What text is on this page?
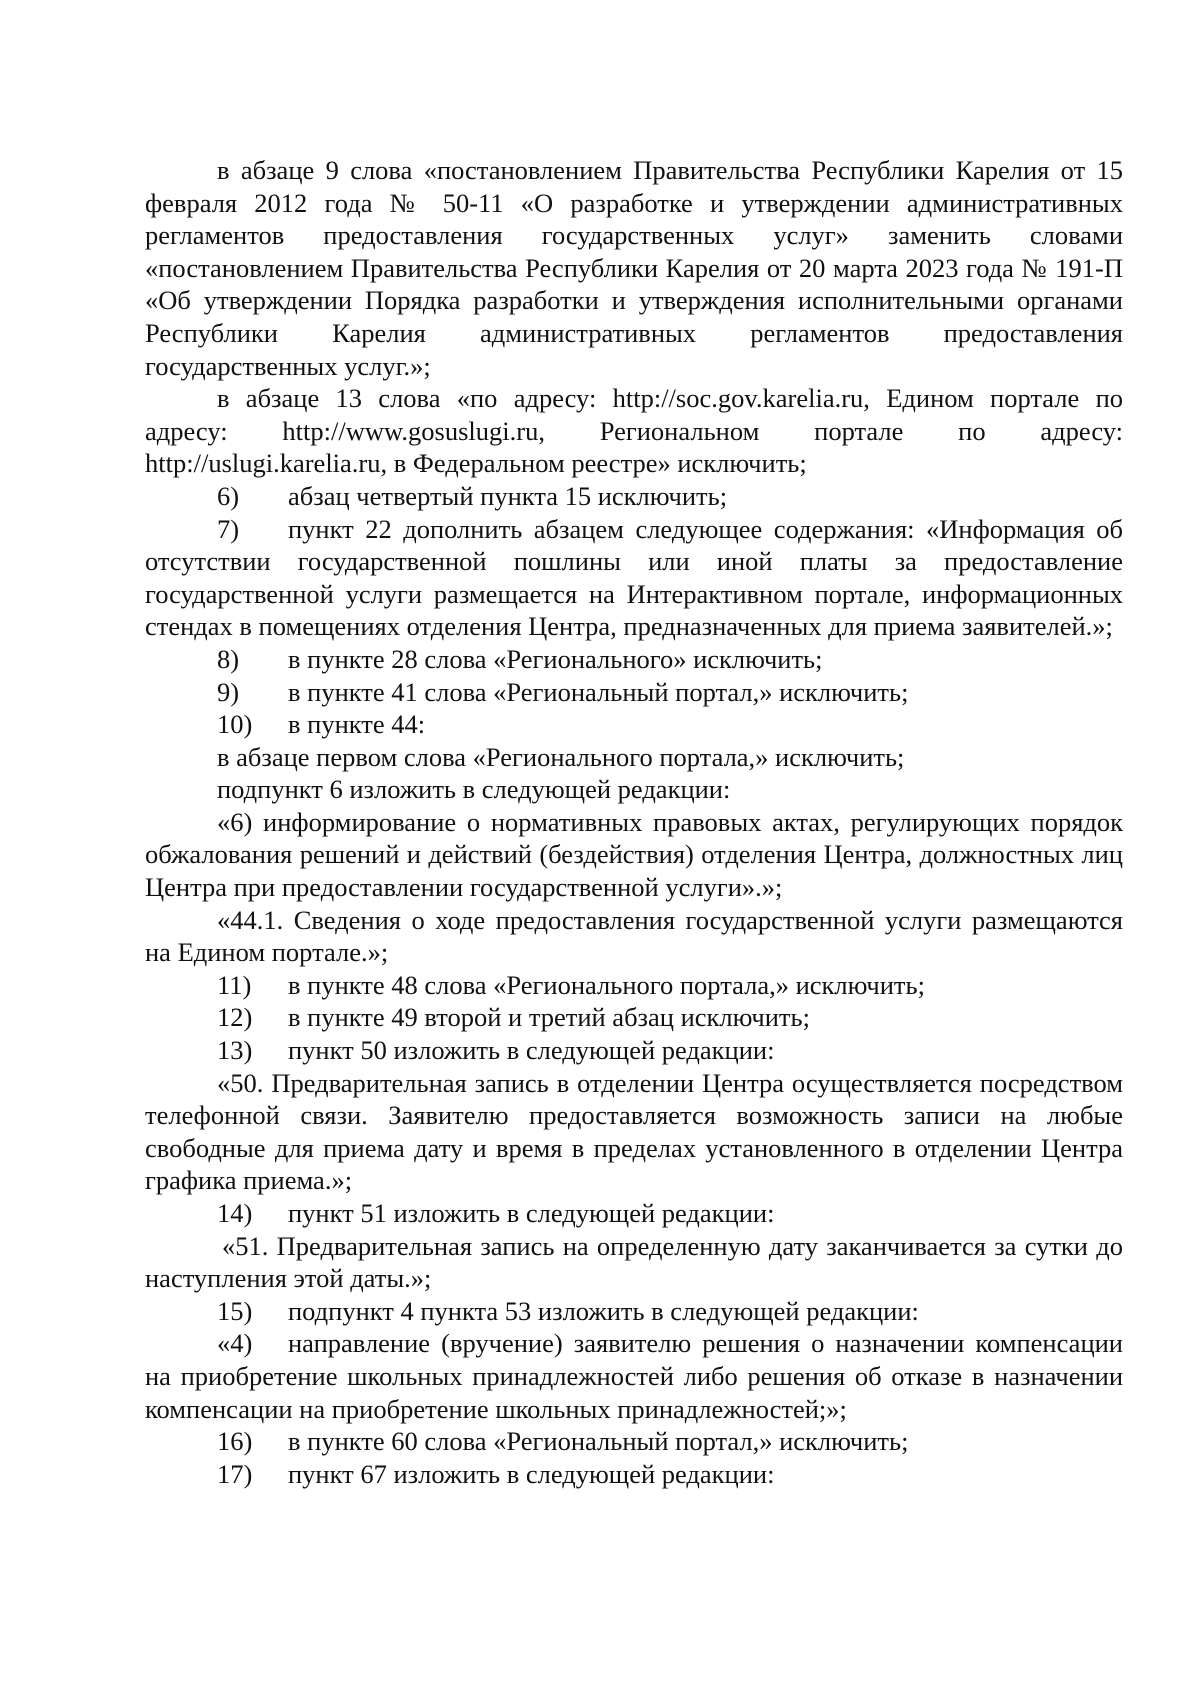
в абзаце 9 слова «постановлением Правительства Республики Карелия от 15 февраля 2012 года № 50-11 «О разработке и утверждении административных регламентов предоставления государственных услуг» заменить словами «постановлением Правительства Республики Карелия от 20 марта 2023 года № 191-П «Об утверждении Порядка разработки и утверждения исполнительными органами Республики Карелия административных регламентов предоставления государственных услуг.»;

в абзаце 13 слова «по адресу: http://soc.gov.karelia.ru, Едином портале по адресу: http://www.gosuslugi.ru, Региональном портале по адресу: http://uslugi.karelia.ru, в Федеральном реестре» исключить;

6)	абзац четвертый пункта 15 исключить;

7) пункт 22 дополнить абзацем следующее содержания: «Информация об отсутствии государственной пошлины или иной платы за предоставление государственной услуги размещается на Интерактивном портале, информационных стендах в помещениях отделения Центра, предназначенных для приема заявителей.»;

8)	в пункте 28 слова «Регионального» исключить;
9)	в пункте 41 слова «Региональный портал,» исключить;
10)	в пункте 44:

в абзаце первом слова «Регионального портала,» исключить;

подпункт 6 изложить в следующей редакции:

«6) информирование о нормативных правовых актах, регулирующих порядок обжалования решений и действий (бездействия) отделения Центра, должностных лиц Центра при предоставлении государственной услуги».»;

«44.1. Сведения о ходе предоставления государственной услуги размещаются на Едином портале.»;

11)	в пункте 48 слова «Регионального портала,» исключить;
12)	в пункте 49 второй и третий абзац исключить;
13)	пункт 50 изложить в следующей редакции:

«50. Предварительная запись в отделении Центра осуществляется посредством телефонной связи. Заявителю предоставляется возможность записи на любые свободные для приема дату и время в пределах установленного в отделении Центра графика приема.»;

14)	пункт 51 изложить в следующей редакции:

«51. Предварительная запись на определенную дату заканчивается за сутки до наступления этой даты.»;

15)	подпункт 4 пункта 53 изложить в следующей редакции:

«4) направление (вручение) заявителю решения о назначении компенсации на приобретение школьных принадлежностей либо решения об отказе в назначении компенсации на приобретение школьных принадлежностей;»;

16)	в пункте 60 слова «Региональный портал,» исключить;
17)	пункт 67 изложить в следующей редакции:
